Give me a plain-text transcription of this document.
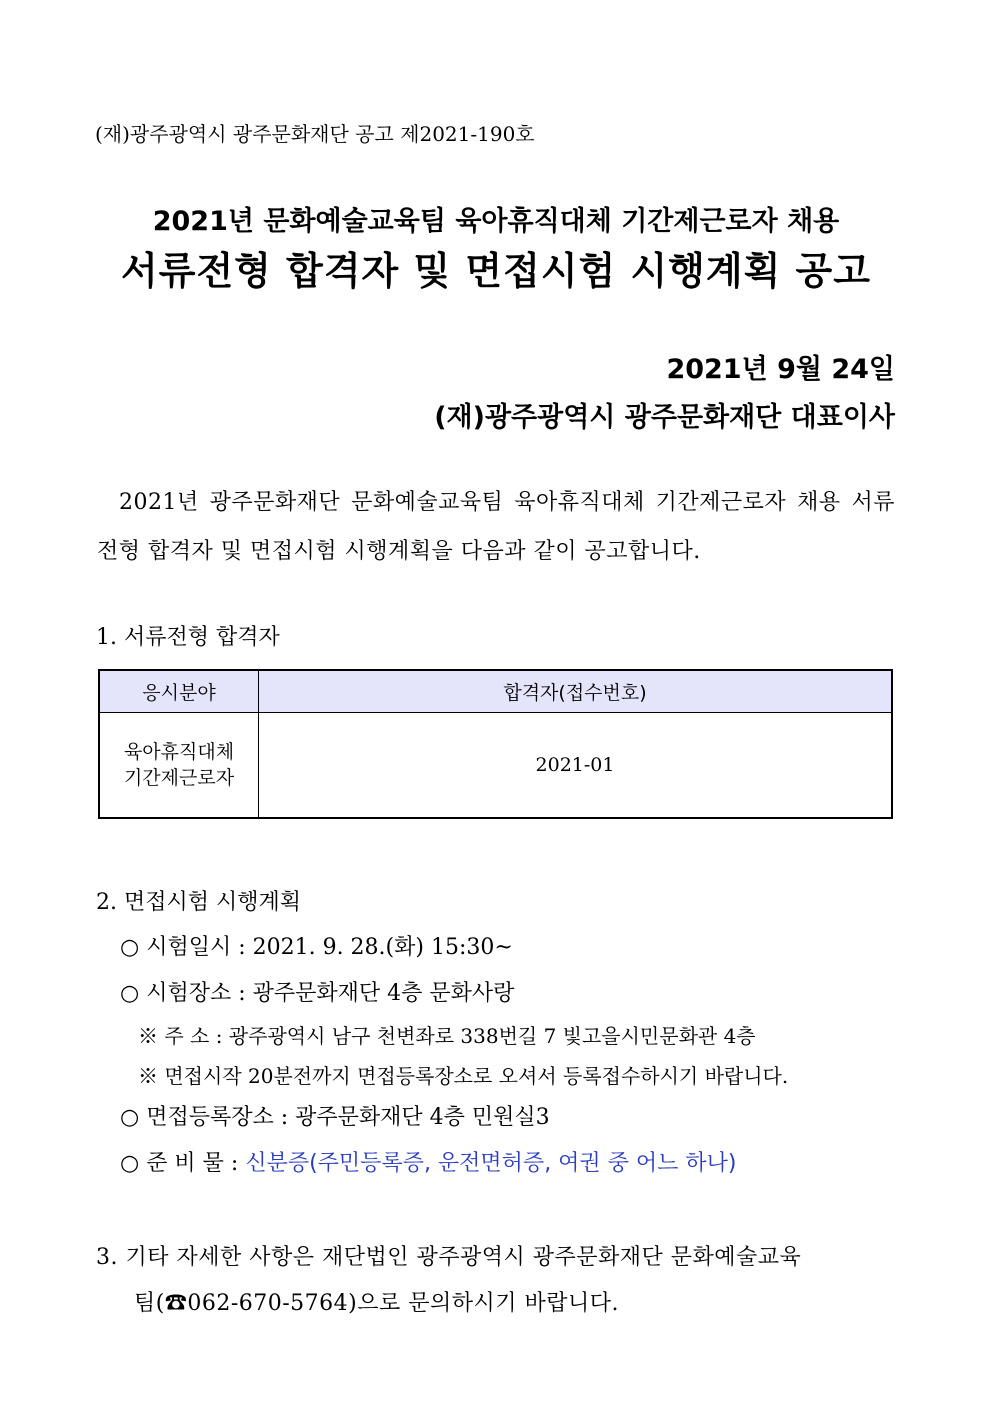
(재)광주광역시 광주문화재단 공고 제2021-190호
2021년 문화예술교육팀 육아휴직대체 기간제근로자 채용
서류전형 합격자 및 면접시험 시행계획 공고
2021년 9월 24일
(재)광주광역시 광주문화재단 대표이사
2021년 광주문화재단 문화예술교육팀 육아휴직대체 기간제근로자 채용 서류전형 합격자 및 면접시험 시행계획을 다음과 같이 공고합니다.
1. 서류전형 합격자
응시분야	합격자(접수번호)

육아휴직대체
기간제근로자	2021-01
2. 면접시험 시행계획
○ 시험일시 : 2021. 9. 28.(화) 15:30~
○ 시험장소 : 광주문화재단 4층 문화사랑
※ 주 소 : 광주광역시 남구 천변좌로 338번길 7 빛고을시민문화관 4층
※ 면접시작 20분전까지 면접등록장소로 오셔서 등록접수하시기 바랍니다.
○ 면접등록장소 : 광주문화재단 4층 민원실3
○ 준 비 물 : 신분증(주민등록증, 운전면허증, 여권 중 어느 하나)
3. 기타 자세한 사항은 재단법인 광주광역시 광주문화재단 문화예술교육
팀(☎062-670-5764)으로 문의하시기 바랍니다.
